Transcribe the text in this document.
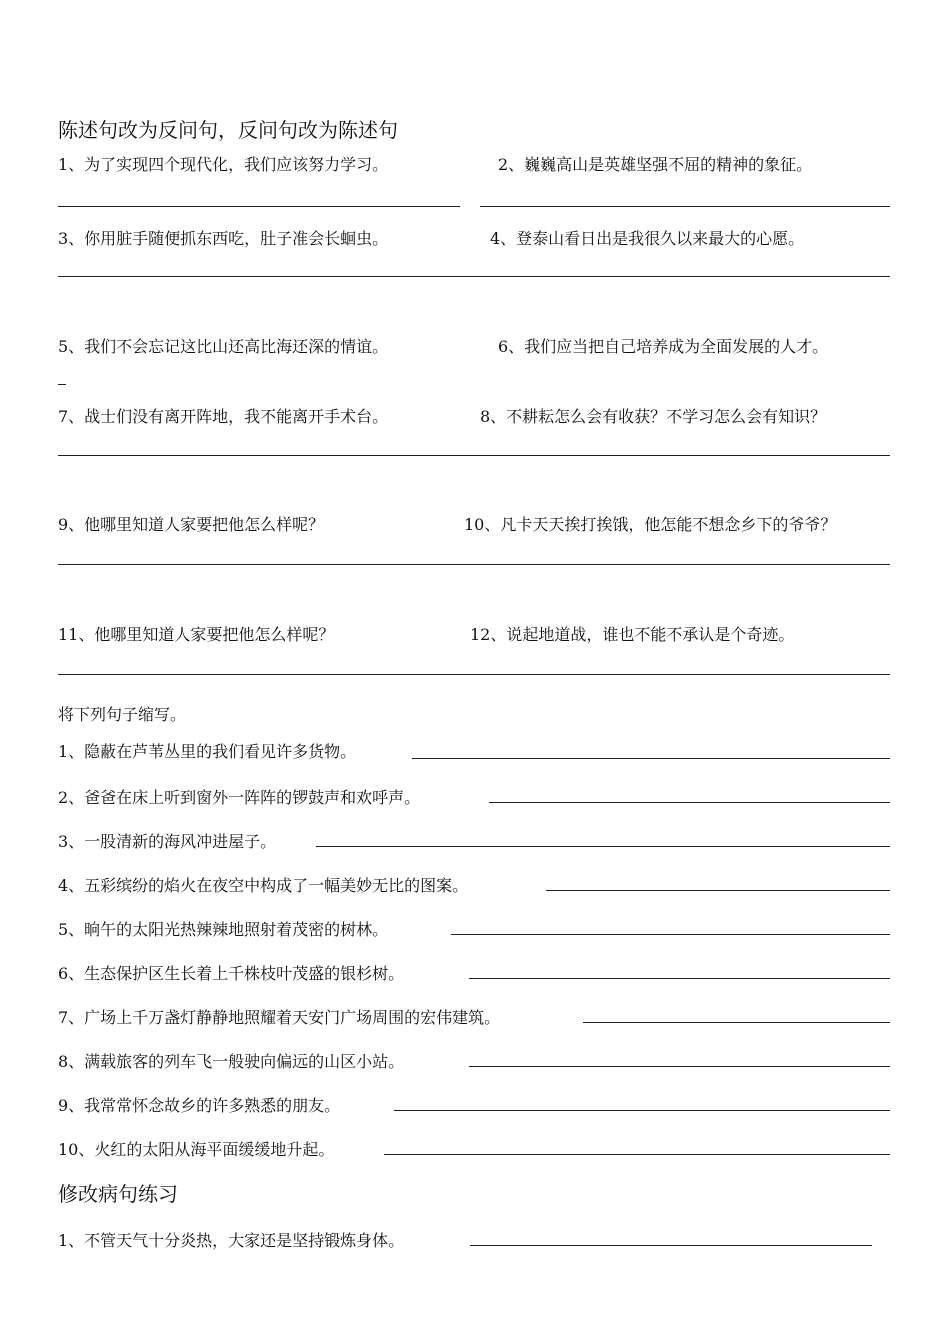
陈述句改为反问句，反问句改为陈述句
1、为了实现四个现代化，我们应该努力学习。	2、巍巍高山是英雄坚强不屈的精神的象征。
3、你用脏手随便抓东西吃，肚子准会长蛔虫。	4、登泰山看日出是我很久以来最大的心愿。
5、我们不会忘记这比山还高比海还深的情谊。	6、我们应当把自己培养成为全面发展的人才。
7、战士们没有离开阵地，我不能离开手术台。	8、不耕耘怎么会有收获？不学习怎么会有知识？
9、他哪里知道人家要把他怎么样呢？	10、凡卡天天挨打挨饿，他怎能不想念乡下的爷爷？
11、他哪里知道人家要把他怎么样呢？	12、说起地道战，谁也不能不承认是个奇迹。
将下列句子缩写。
1、隐蔽在芦苇丛里的我们看见许多货物。
2、爸爸在床上听到窗外一阵阵的锣鼓声和欢呼声。
3、一股清新的海风冲进屋子。
4、五彩缤纷的焰火在夜空中构成了一幅美妙无比的图案。
5、晌午的太阳光热辣辣地照射着茂密的树林。
6、生态保护区生长着上千株枝叶茂盛的银杉树。
7、广场上千万盏灯静静地照耀着天安门广场周围的宏伟建筑。
8、满载旅客的列车飞一般驶向偏远的山区小站。
9、我常常怀念故乡的许多熟悉的朋友。
10、火红的太阳从海平面缓缓地升起。
修改病句练习
1、不管天气十分炎热，大家还是坚持锻炼身体。
